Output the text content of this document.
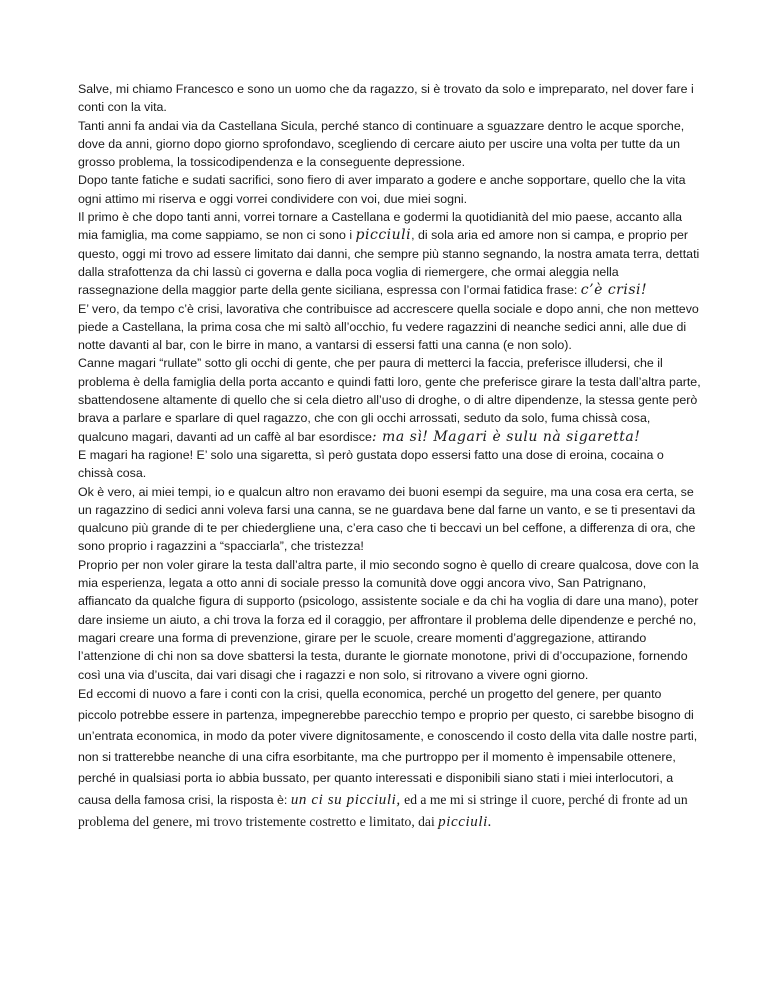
Salve, mi chiamo Francesco e sono un uomo che da ragazzo, si è trovato da solo e impreparato, nel dover fare i conti con la vita.

Tanti anni fa andai via da Castellana Sicula, perché stanco di continuare a sguazzare dentro le acque sporche, dove da anni, giorno dopo giorno sprofondavo, scegliendo di cercare aiuto per uscire una volta per tutte da un grosso problema, la tossicodipendenza e la conseguente depressione.

Dopo tante fatiche e sudati sacrifici, sono fiero di aver imparato a godere e anche sopportare, quello che la vita ogni attimo mi riserva e oggi vorrei condividere con voi, due miei sogni.

Il primo è che dopo tanti anni, vorrei tornare a Castellana e godermi la quotidianità del mio paese, accanto alla mia famiglia, ma come sappiamo, se non ci sono i picciuli, di sola aria ed amore non si campa, e proprio per questo, oggi mi trovo ad essere limitato dai danni, che sempre più stanno segnando, la nostra amata terra, dettati dalla strafottenza da chi lassù ci governa e dalla poca voglia di riemergere, che ormai aleggia nella rassegnazione della maggior parte della gente siciliana, espressa con l’ormai fatidica frase: c’è crisi!

E’ vero, da tempo c’è crisi, lavorativa che contribuisce ad accrescere quella sociale e dopo anni, che non mettevo piede a Castellana, la prima cosa che mi saltò all’occhio, fu vedere ragazzini di neanche sedici anni, alle due di notte davanti al bar, con le birre in mano, a vantarsi di essersi fatti una canna (e non solo).

Canne magari “rullate” sotto gli occhi di gente, che per paura di metterci la faccia, preferisce illudersi, che il problema è della famiglia della porta accanto e quindi fatti loro, gente che preferisce girare la testa dall’altra parte, sbattendosene altamente di quello che si cela dietro all’uso di droghe, o di altre dipendenze, la stessa gente però brava a parlare e sparlare di quel ragazzo, che con gli occhi arrossati, seduto da solo, fuma chissà cosa, qualcuno magari, davanti ad un caffè al bar esordisce: ma sì! Magari è sulu nà sigaretta!

E magari ha ragione! E’ solo una sigaretta, sì però gustata dopo essersi fatto una dose di eroina, cocaina o chissà cosa.

Ok è vero, ai miei tempi, io e qualcun altro non eravamo dei buoni esempi da seguire, ma una cosa era certa, se un ragazzino di sedici anni voleva farsi una canna, se ne guardava bene dal farne un vanto, e se ti presentavi da qualcuno più grande di te per chiedergliene una, c’era caso che ti beccavi un bel ceffone, a differenza di ora, che sono proprio i ragazzini a “spacciarla”, che tristezza!

Proprio per non voler girare la testa dall’altra parte, il mio secondo sogno è quello di creare qualcosa, dove con la mia esperienza, legata a otto anni di sociale presso la comunità dove oggi ancora vivo, San Patrignano, affiancato da qualche figura di supporto (psicologo, assistente sociale e da chi ha voglia di dare una mano), poter dare insieme un aiuto, a chi trova la forza ed il coraggio, per affrontare il problema delle dipendenze e perché no, magari creare una forma di prevenzione, girare per le scuole, creare momenti d’aggregazione, attirando l’attenzione di chi non sa dove sbattersi la testa, durante le giornate monotone, privi di d’occupazione, fornendo così una via d’uscita, dai vari disagi che i ragazzi e non solo, si ritrovano a vivere ogni giorno.

Ed eccomi di nuovo a fare i conti con la crisi, quella economica, perché un progetto del genere, per quanto piccolo potrebbe essere in partenza, impegnerebbe parecchio tempo e proprio per questo, ci sarebbe bisogno di un’entrata economica, in modo da poter vivere dignitosamente, e conoscendo il costo della vita dalle nostre parti, non si tratterebbe neanche di una cifra esorbitante, ma che purtroppo per il momento è impensabile ottenere, perché in qualsiasi porta io abbia bussato, per quanto interessati e disponibili siano stati i miei interlocutori, a causa della famosa crisi, la risposta è: un ci su picciuli, ed a me mi si stringe il cuore, perché di fronte ad un problema del genere, mi trovo tristemente costretto e limitato, dai picciuli.
